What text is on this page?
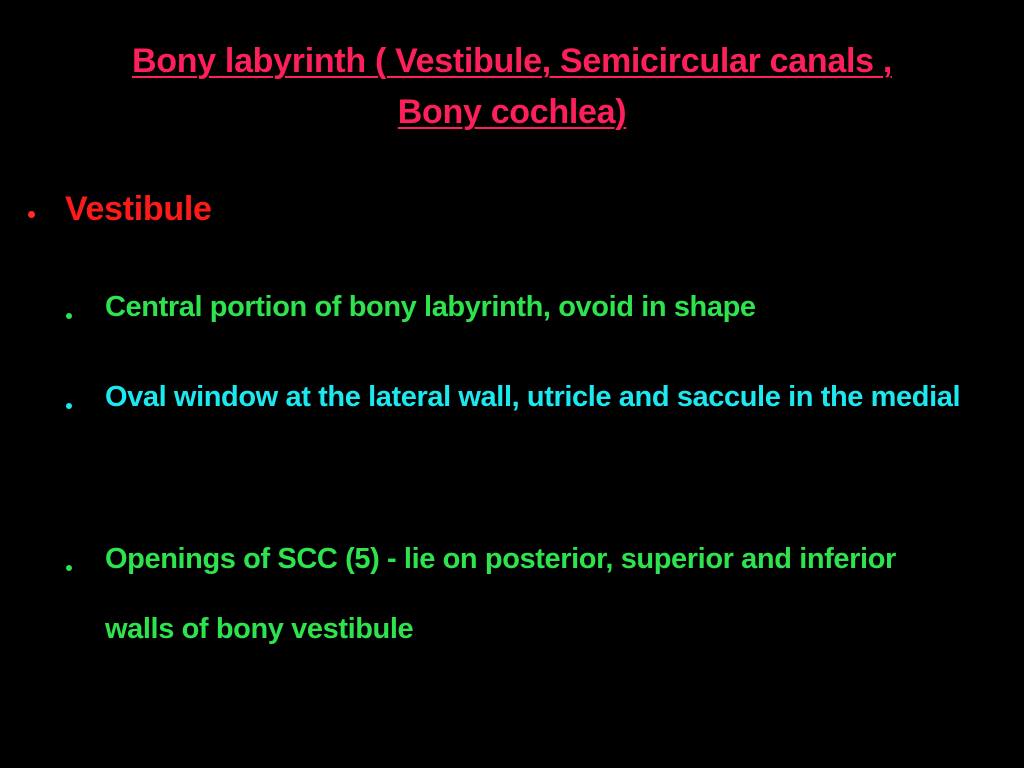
Bony labyrinth ( Vestibule, Semicircular canals ,
Bony cochlea)
Vestibule
Central portion of bony labyrinth, ovoid in shape
Oval window at the lateral wall, utricle and saccule in the medial
Openings of SCC (5) - lie on posterior, superior and inferior walls of bony vestibule
